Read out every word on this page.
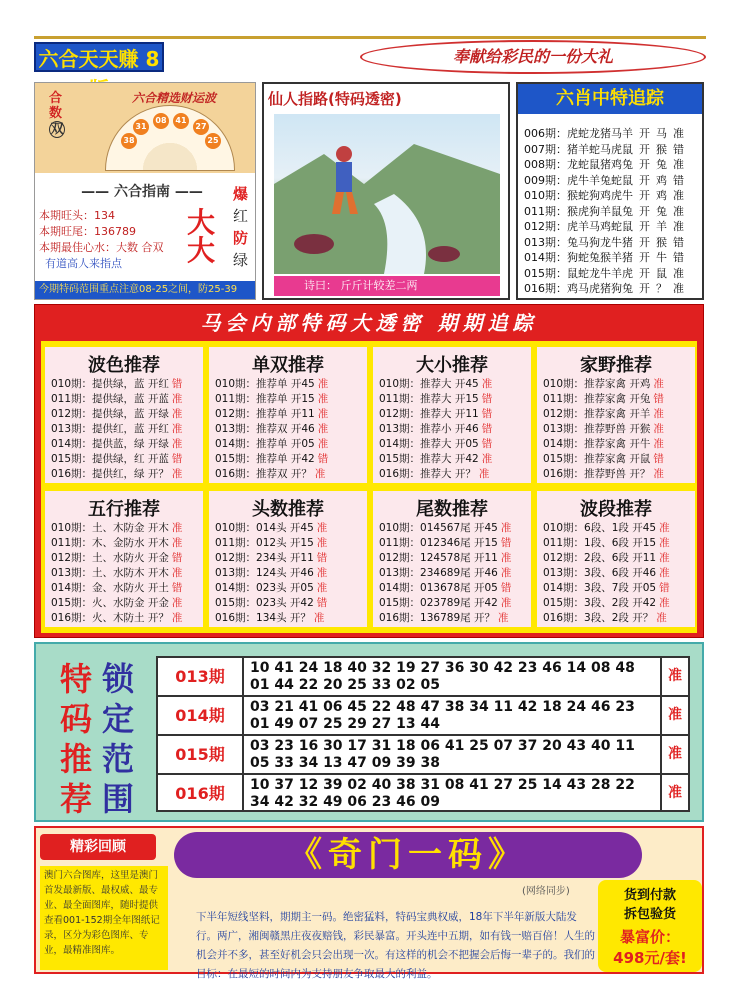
六合天天赚 8	奉献给彩民的一份大礼
合数
双
六合精选财运波
31
08	41
27
38	25
—— 六合指南 ——
本期旺头：134
本期旺尾：136789
本期最佳心水：大数 合双
有道高人来指点
大
大
爆
红
防
绿
今期特码范围重点注意08-25之间，防25-39
仙人指路(特码透密)
诗曰： 斤斤计较差二两
六肖中特追踪
006期：虎蛇龙猪马羊 开 马 准
007期：猪羊蛇马虎鼠 开 猴 错
008期：龙蛇鼠猪鸡兔 开 兔 准
009期：虎牛羊兔蛇鼠 开 鸡 错
010期：猴蛇狗鸡虎牛 开 鸡 准
011期：猴虎狗羊鼠兔 开 兔 准
012期：虎羊马鸡蛇鼠 开 羊 准
013期：兔马狗龙牛猪 开 猴 错
014期：狗蛇兔猴羊猪 开 牛 错
015期：鼠蛇龙牛羊虎 开 鼠 准
016期：鸡马虎猪狗兔 开 ？ 准
马会内部特码大透密 期期追踪
波色推荐
010期：提供绿，蓝 开红 错
011期：提供绿，蓝 开蓝 准
012期：提供绿，蓝 开绿 准
013期：提供红，蓝 开红 准
014期：提供蓝，绿 开绿 准
015期：提供绿，红 开蓝 错
016期：提供红，绿 开？ 准
单双推荐
010期：推荐单 开45 准
011期：推荐单 开15 准
012期：推荐单 开11 准
013期：推荐双 开46 准
014期：推荐单 开05 准
015期：推荐单 开42 错
016期：推荐双 开？ 准
大小推荐
010期：推荐大 开45 准
011期：推荐大 开15 错
012期：推荐大 开11 错
013期：推荐小 开46 错
014期：推荐大 开05 错
015期：推荐大 开42 准
016期：推荐大 开？ 准
家野推荐
010期：推荐家禽 开鸡 准
011期：推荐家禽 开兔 错
012期：推荐家禽 开羊 准
013期：推荐野兽 开猴 准
014期：推荐家禽 开牛 准
015期：推荐家禽 开鼠 错
016期：推荐野兽 开？ 准
五行推荐
010期：土、木防金 开木 准
011期：木、金防水 开木 准
012期：土、水防火 开金 错
013期：土、水防木 开木 准
014期：金、水防火 开土 错
015期：火、水防金 开金 准
016期：火、木防土 开？ 准
头数推荐
010期：014头 开45 准
011期：012头 开15 准
012期：234头 开11 错
013期：124头 开46 准
014期：023头 开05 准
015期：023头 开42 错
016期：134头 开？ 准
尾数推荐
010期：014567尾 开45 准
011期：012346尾 开15 错
012期：124578尾 开11 准
013期：234689尾 开46 准
014期：013678尾 开05 错
015期：023789尾 开42 准
016期：136789尾 开？ 准
波段推荐
010期：6段、1段 开45 准
011期：1段、6段 开15 准
012期：2段、6段 开11 准
013期：3段、6段 开46 准
014期：3段、7段 开05 错
015期：3段、2段 开42 准
016期：3段、2段 开？ 准
特
码
推
荐
锁
定
范
围
013期	10 41 24 18 40 32 19 27 36 30 42 23 46 14 08 48
01 44 22 20 25 33 02 05
准
014期	03 21 41 06 45 22 48 47 38 34 11 42 18 24 46 23
01 49 07 25 29 27 13 44
准
015期	03 23 16 30 17 31 18 06 41 25 07 37 20 43 40 11
05 33 34 13 47 09 39 38
准
016期	10 37 12 39 02 40 38 31 08 41 27 25 14 43 28 22
34 42 32 49 06 23 46 09
准
精彩回顾
澳门六合图库，这里是澳门首发最新版、最权威、最专业、最全面图库，随时提供查看001-152期全年图纸记录，区分为彩色图库、专业，最精准图库。
《奇门一码》
(网络同步)
下半年短线坚料，期期主一码。绝密猛料，特码宝典权威，18年下半年新版大陆发行。两广，湘闽赣黑庄夜夜赔钱，彩民暴富。开头连中五期，如有钱一赔百倍！人生的机会并不多，甚至好机会只会出现一次。有这样的机会不把握会后悔一辈子的。我们的目标：在最短的时间内为支持朋友争取最大的利益。
货到付款
拆包验货
暴富价：
498元/套!
